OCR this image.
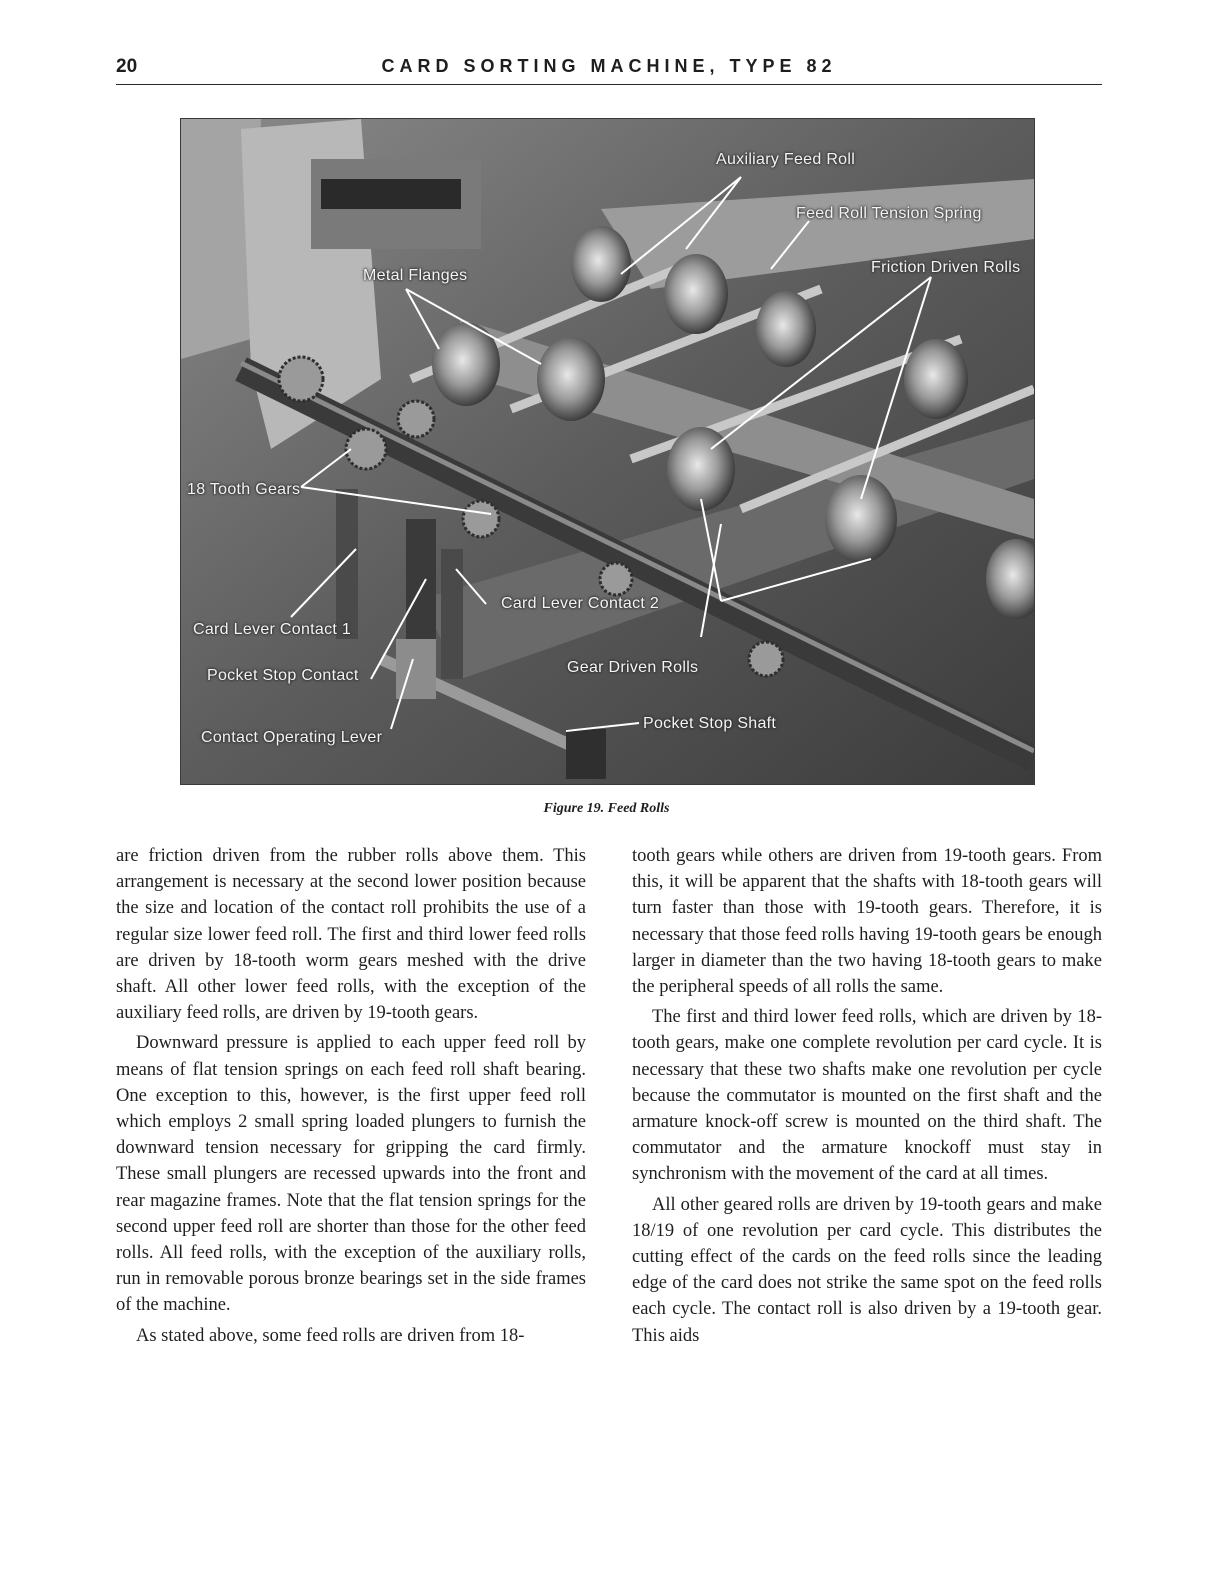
20	CARD SORTING MACHINE, TYPE 82
Auxiliary Feed Roll
Feed Roll Tension Spring
Friction Driven Rolls
Metal Flanges
18 Tooth Gears
Card Lever Contact 2
Card Lever Contact 1
Pocket Stop Contact	Gear Driven Rolls
Pocket Stop Shaft
Contact Operating Lever
Figure 19. Feed Rolls

are friction driven from the rubber rolls above them. This arrangement is necessary at the second lower position because the size and location of the contact roll prohibits the use of a regular size lower feed roll. The first and third lower feed rolls are driven by 18-tooth worm gears meshed with the drive shaft. All other lower feed rolls, with the exception of the auxiliary feed rolls, are driven by 19-tooth gears.

Downward pressure is applied to each upper feed roll by means of flat tension springs on each feed roll shaft bearing. One exception to this, however, is the first upper feed roll which employs 2 small spring loaded plungers to furnish the downward tension necessary for gripping the card firmly. These small plungers are recessed upwards into the front and rear magazine frames. Note that the flat tension springs for the second upper feed roll are shorter than those for the other feed rolls. All feed rolls, with the exception of the auxiliary rolls, run in removable porous bronze bearings set in the side frames of the machine.

As stated above, some feed rolls are driven from 18-

tooth gears while others are driven from 19-tooth gears. From this, it will be apparent that the shafts with 18-tooth gears will turn faster than those with 19-tooth gears. Therefore, it is necessary that those feed rolls having 19-tooth gears be enough larger in diameter than the two having 18-tooth gears to make the peripheral speeds of all rolls the same.

The first and third lower feed rolls, which are driven by 18-tooth gears, make one complete revolution per card cycle. It is necessary that these two shafts make one revolution per cycle because the commutator is mounted on the first shaft and the armature knock-off screw is mounted on the third shaft. The commutator and the armature knockoff must stay in synchronism with the movement of the card at all times.

All other geared rolls are driven by 19-tooth gears and make 18/19 of one revolution per card cycle. This distributes the cutting effect of the cards on the feed rolls since the leading edge of the card does not strike the same spot on the feed rolls each cycle. The contact roll is also driven by a 19-tooth gear. This aids
